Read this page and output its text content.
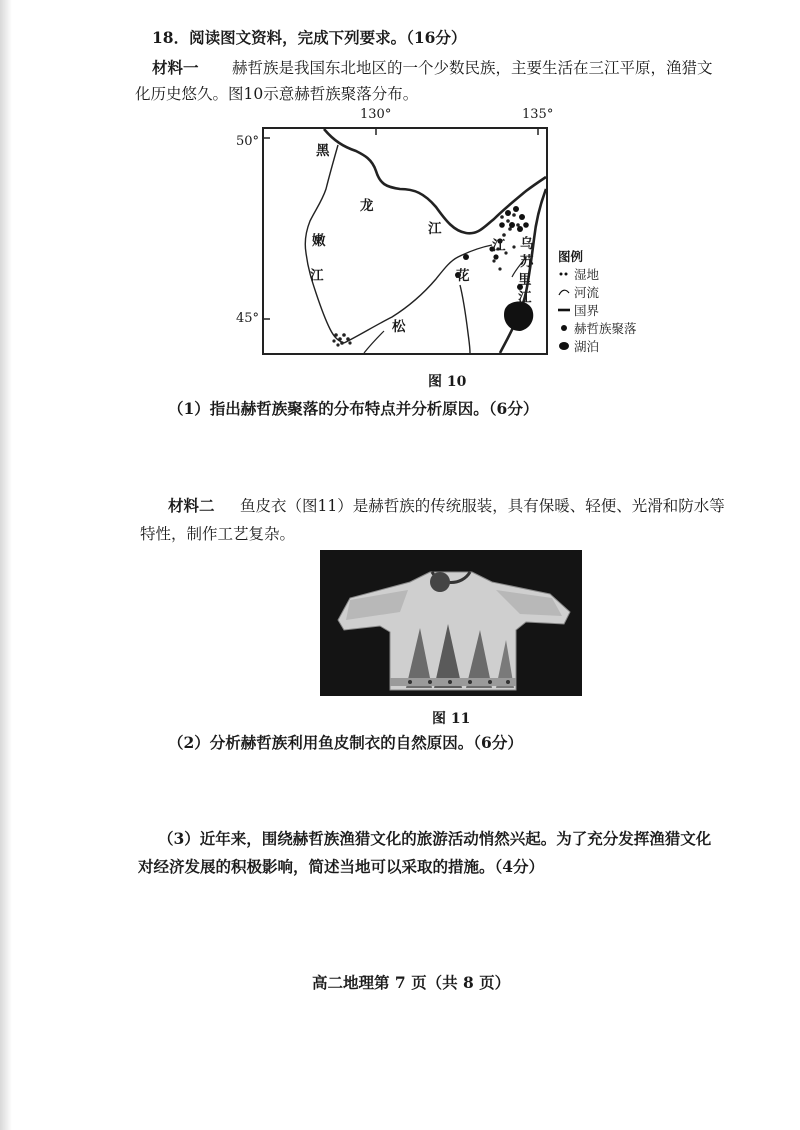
18．阅读图文资料，完成下列要求。（16分）
材料一 赫哲族是我国东北地区的一个少数民族，主要生活在三江平原，渔猎文
化历史悠久。图10示意赫哲族聚落分布。
130°	135°
50°
45°
黑
龙
江
嫩
江
江
花
松
乌
苏
里
江
图例
湿地
河流
国界
赫哲族聚落
湖泊
图 10
（1）指出赫哲族聚落的分布特点并分析原因。（6分）
材料二 鱼皮衣（图11）是赫哲族的传统服装，具有保暖、轻便、光滑和防水等
特性，制作工艺复杂。
图 11
（2）分析赫哲族利用鱼皮制衣的自然原因。（6分）
（3）近年来，围绕赫哲族渔猎文化的旅游活动悄然兴起。为了充分发挥渔猎文化
对经济发展的积极影响，简述当地可以采取的措施。（4分）
高二地理第 7 页（共 8 页）
